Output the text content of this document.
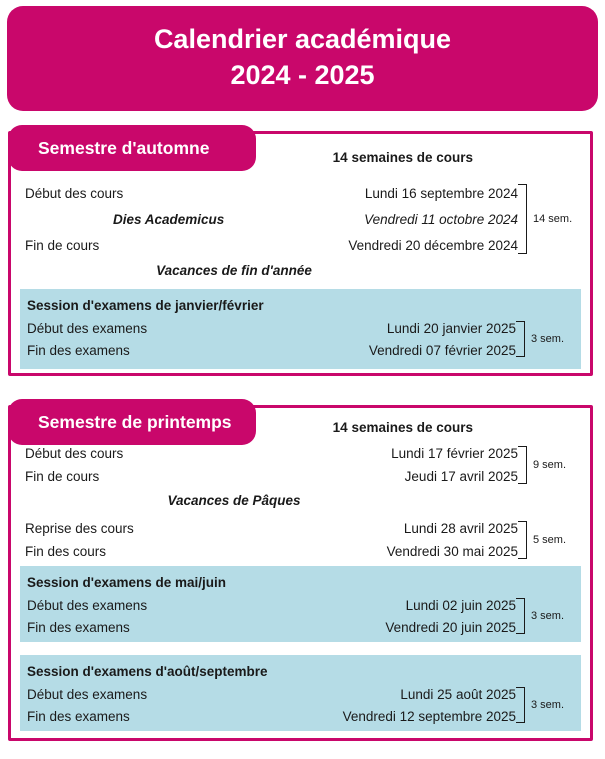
Calendrier académique
2024 - 2025
Semestre d'automne	14 semaines de cours
Début des cours	Lundi 16 septembre 2024
Dies Academicus	Vendredi 11 octobre 2024
Fin de cours	Vendredi 20 décembre 2024
14 sem.
Vacances de fin d'année
Session d'examens de janvier/février
Début des examens	Lundi 20 janvier 2025
Fin des examens	Vendredi 07 février 2025
3 sem.
Semestre de printemps	14 semaines de cours
Début des cours	Lundi 17 février 2025
Fin de cours	Jeudi 17 avril 2025
9 sem.
Vacances de Pâques
Reprise des cours	Lundi 28 avril 2025
Fin des cours	Vendredi 30 mai 2025
5 sem.
Session d'examens de mai/juin
Début des examens	Lundi 02 juin 2025
Fin des examens	Vendredi 20 juin 2025
3 sem.
Session d'examens d'août/septembre
Début des examens	Lundi 25 août 2025
Fin des examens	Vendredi 12 septembre 2025
3 sem.
